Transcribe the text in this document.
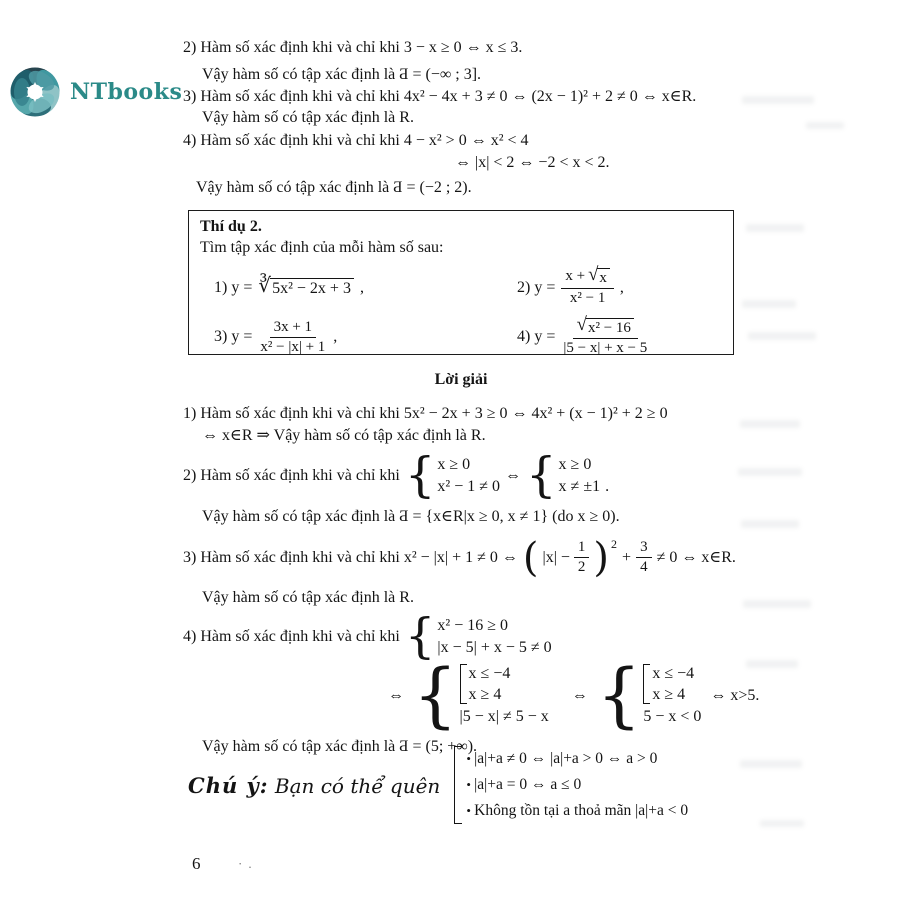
NTbooks
2) Hàm số xác định khi và chỉ khi 3 − x ≥ 0 ⇔ x ≤ 3.
Vậy hàm số có tập xác định là Ƌ = (−∞ ; 3].
3) Hàm số xác định khi và chỉ khi 4x² − 4x + 3 ≠ 0 ⇔ (2x − 1)² + 2 ≠ 0 ⇔ x∈R.
Vậy hàm số có tập xác định là R.
4) Hàm số xác định khi và chỉ khi 4 − x² > 0 ⇔ x² < 4
⇔ |x| < 2 ⇔ −2 < x < 2.
Vậy hàm số có tập xác định là Ƌ = (−2 ; 2).
Thí dụ 2.
Tìm tập xác định của mỗi hàm số sau:
1) y = ∛ 5x² − 2x + 3 ,	2) $y = \frac{x + √ x}{\text{x² − 1}}$ ,
3) $y = \frac{3x + 1}{\text{x² − |x| + 1}}$ ,	4) $y = \frac{\text{√ x² − 16}}{|5 - x| + x - 5}$
Lời giải
1) Hàm số xác định khi và chỉ khi 5x² − 2x + 3 ≥ 0 ⇔ 4x² + (x − 1)² + 2 ≥ 0
⇔ x∈R ⇒ Vậy hàm số có tập xác định là R.
2) Hàm số xác định khi và chỉ khi { x ≥ 0
x² − 1 ≠ 0
⇔ { x ≥ 0
x ≠ ±1 .
Vậy hàm số có tập xác định là Ƌ = {x∈R|x ≥ 0, x ≠ 1} (do x ≥ 0).
3) Hàm số xác định khi và chỉ khi x² − |x| + 1 ≠ 0 ⇔ ( $|x| - \frac{1}{2} )^2$
+ $\frac{3}{4} \ne 0$ ⇔ x∈R.
Vậy hàm số có tập xác định là R.
4) Hàm số xác định khi và chỉ khi { x² − 16 ≥ 0
|x − 5| + x − 5 ≠ 0
⇔ { x ≤ −4
x ≥ 4
|5 − x| ≠ 5 − x
⇔ { x ≤ −4
x ≥ 4
5 − x < 0
⇔ x>5.
Vậy hàm số có tập xác định là Ƌ = (5; +∞).
Chú ý: Bạn có thể quên
• |a|+a ≠ 0 ⇔ |a|+a > 0 ⇔ a > 0
• |a|+a = 0 ⇔ a ≤ 0
• Không tồn tại a thoả mãn |a|+a < 0
6	·.
